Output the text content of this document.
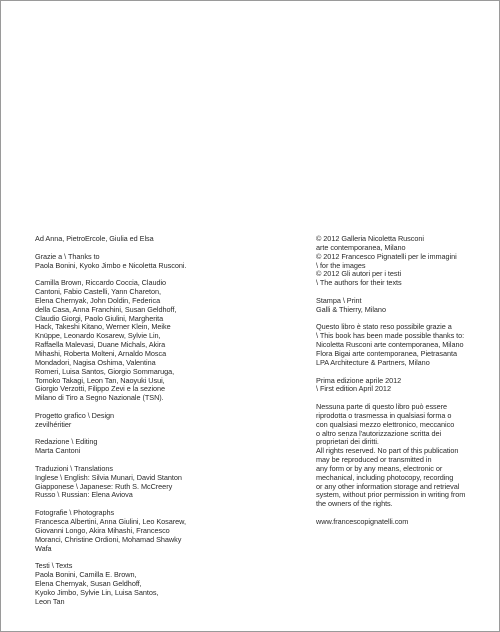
Ad Anna, PietroErcole, Giulia ed Elsa
Grazie a \ Thanks to
Paola Bonini, Kyoko Jimbo e Nicoletta Rusconi.
Camilla Brown, Riccardo Coccia, Claudio
Cantoni, Fabio Castelli, Yann Chareton,
Elena Chernyak, John Doldin, Federica
della Casa, Anna Franchini, Susan Geldhoff,
Claudio Giorgi, Paolo Giulini, Margherita
Hack, Takeshi Kitano, Werner Klein, Meike
Knüppe, Leonardo Kosarew, Sylvie Lin,
Raffaella Malevasi, Duane Michals, Akira
Mihashi, Roberta Molteni, Arnaldo Mosca
Mondadori, Nagisa Oshima, Valentina
Romeri, Luisa Santos, Giorgio Sommaruga,
Tomoko Takagi, Leon Tan, Naoyuki Usui,
Giorgio Verzotti, Filippo Zevi e la sezione
Milano di Tiro a Segno Nazionale (TSN).
Progetto grafico \ Design
zevilhéritier
Redazione \ Editing
Marta Cantoni
Traduzioni \ Translations
Inglese \ English: Silvia Munari, David Stanton
Giapponese \ Japanese: Ruth S. McCreery
Russo \ Russian: Elena Aviova
Fotografie \ Photographs
Francesca Albertini, Anna Giulini, Leo Kosarew,
Giovanni Longo, Akira Mihashi, Francesco
Moranci, Christine Ordioni, Mohamad Shawky
Wafa
Testi \ Texts
Paola Bonini, Camilla E. Brown,
Elena Chernyak, Susan Geldhoff,
Kyoko Jimbo, Sylvie Lin, Luisa Santos,
Leon Tan
© 2012 Galleria Nicoletta Rusconi
arte contemporanea, Milano
© 2012 Francesco Pignatelli per le immagini
\ for the images
© 2012 Gli autori per i testi
\ The authors for their texts
Stampa \ Print
Galli & Thierry, Milano
Questo libro è stato reso possibile grazie a
\ This book has been made possible thanks to:
Nicoletta Rusconi arte contemporanea, Milano
Flora Bigai arte contemporanea, Pietrasanta
LPA Architecture & Partners, Milano
Prima edizione aprile 2012
\ First edition April 2012
Nessuna parte di questo libro può essere
riprodotta o trasmessa in qualsiasi forma o
con qualsiasi mezzo elettronico, meccanico
o altro senza l'autorizzazione scritta dei
proprietari dei diritti.
All rights reserved. No part of this publication
may be reproduced or transmitted in
any form or by any means, electronic or
mechanical, including photocopy, recording
or any other information storage and retrieval
system, without prior permission in writing from
the owners of the rights.
www.francescopignatelli.com
